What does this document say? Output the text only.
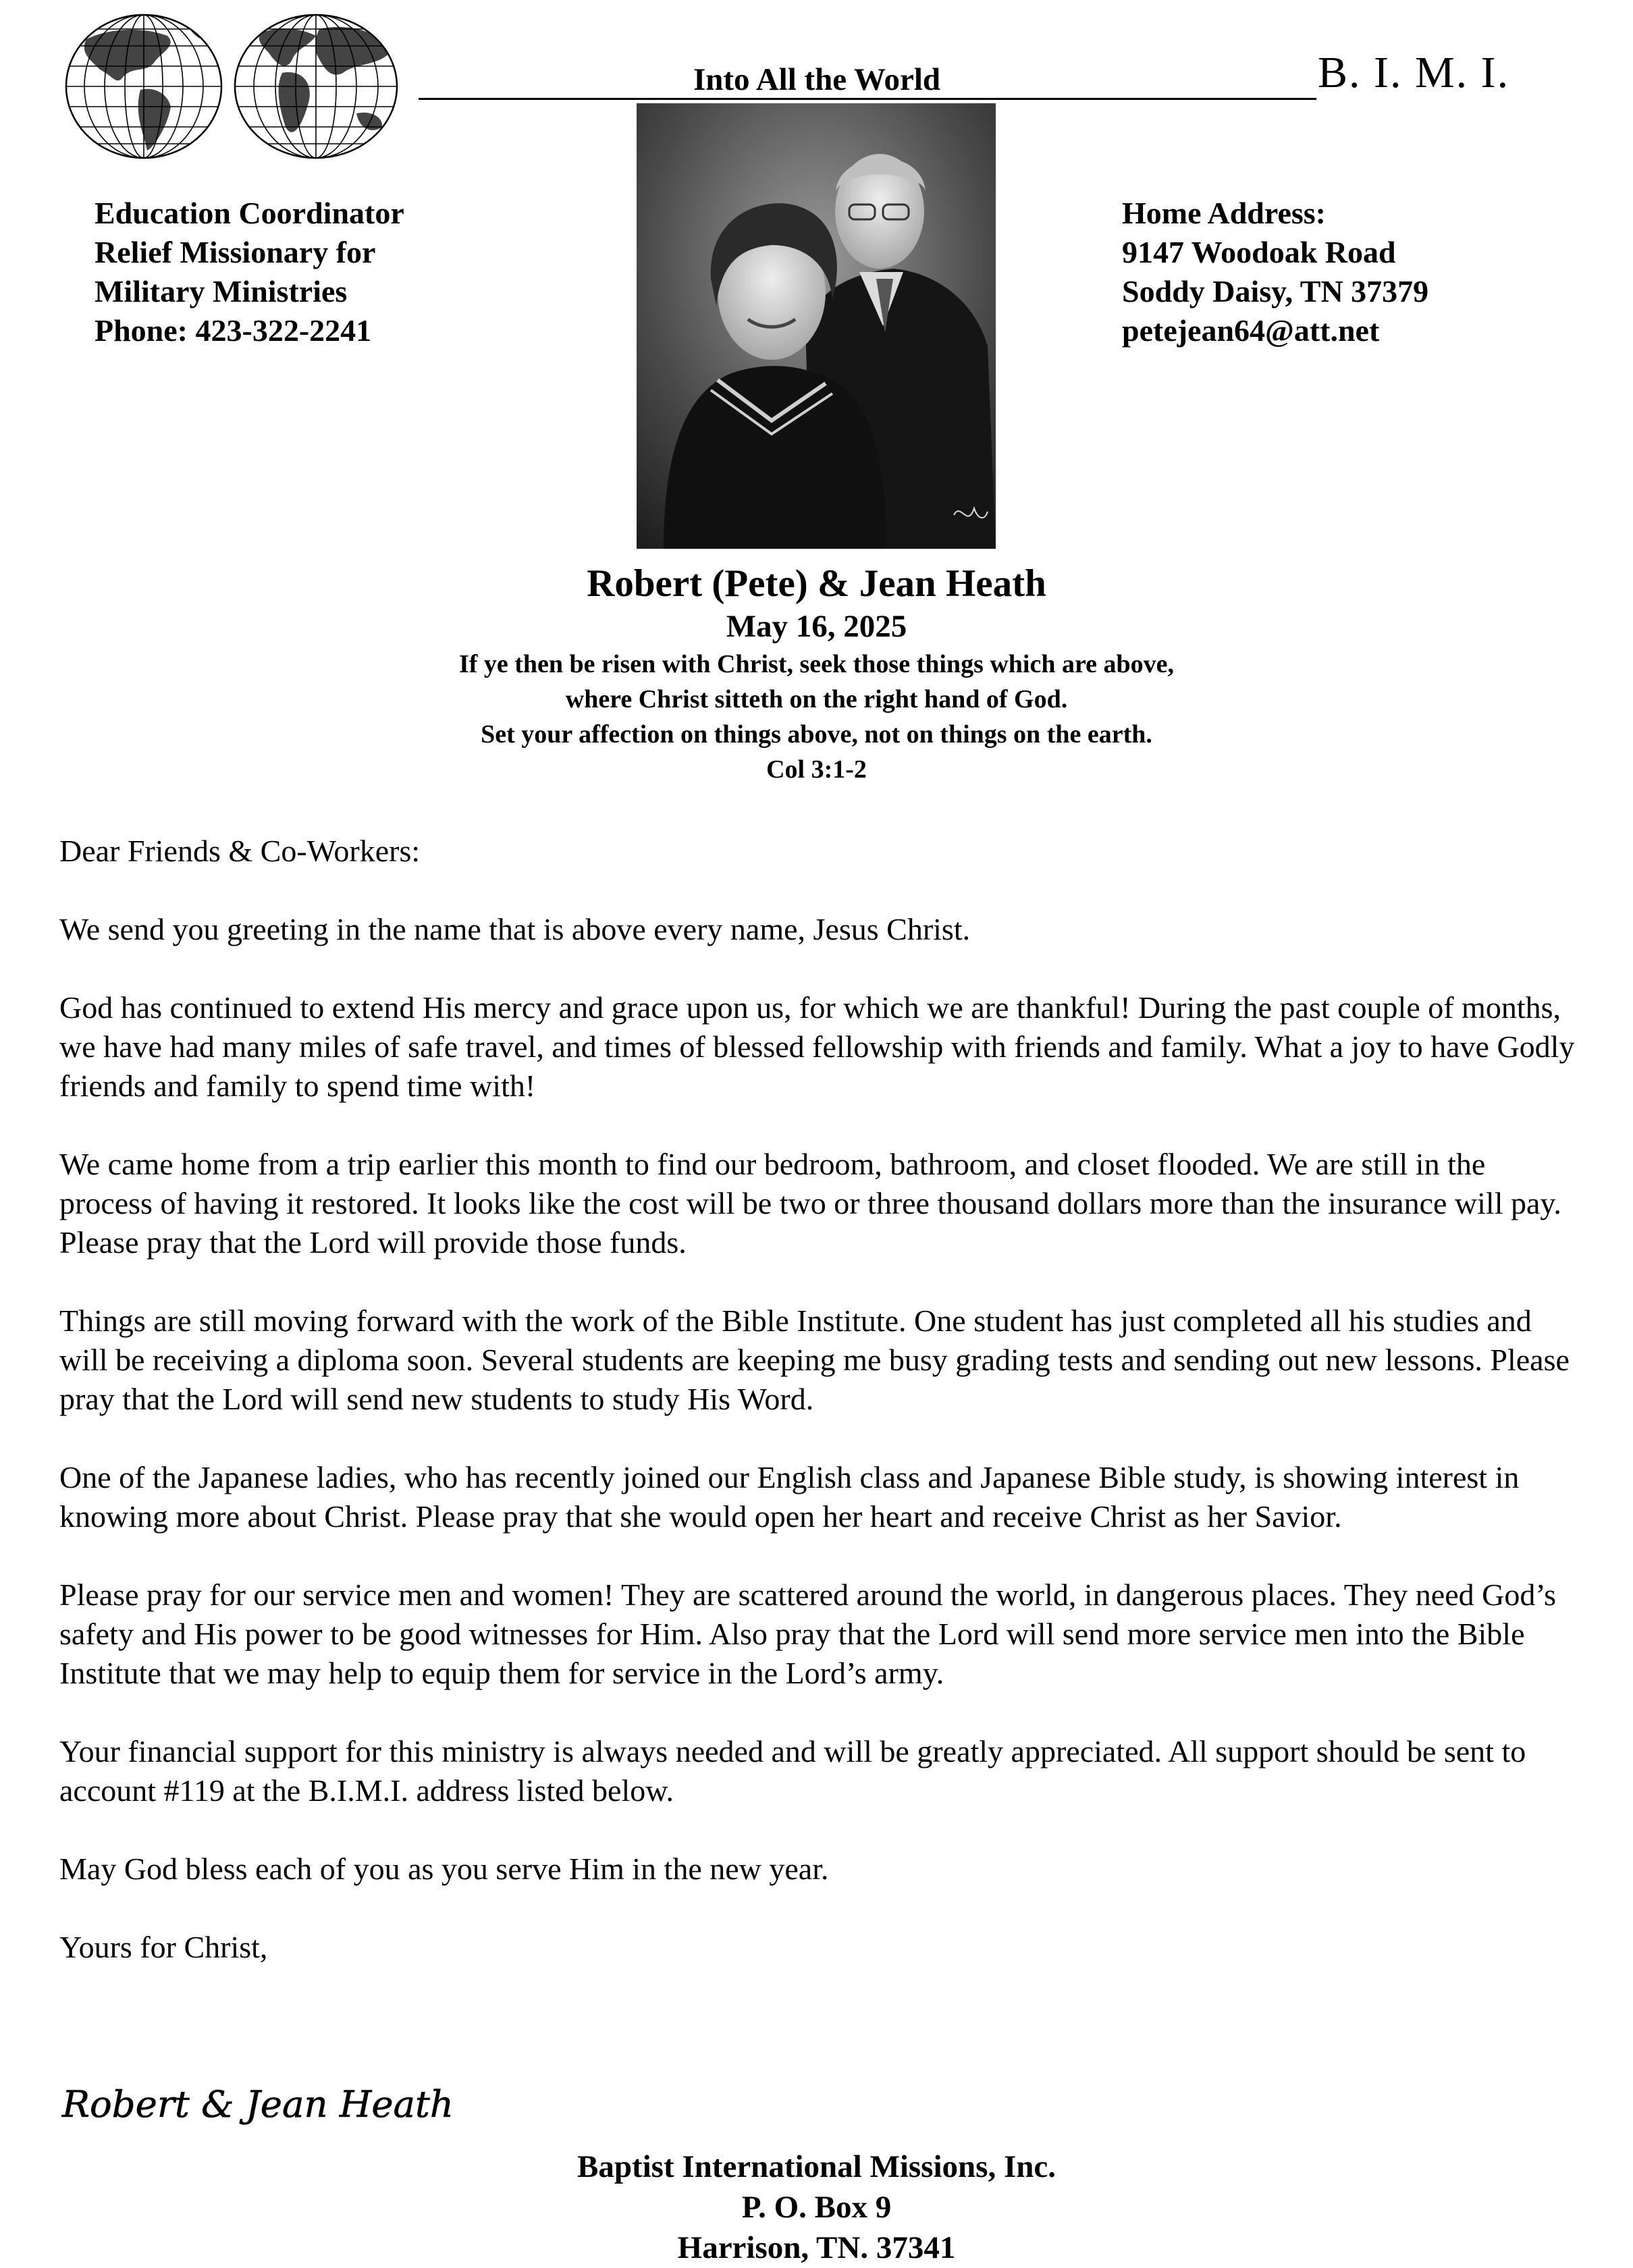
Into All the World	B. I. M. I.
Education Coordinator
Relief Missionary for
Military Ministries
Phone: 423-322-2241
Home Address:
9147 Woodoak Road
Soddy Daisy, TN 37379
petejean64@att.net
Robert (Pete) & Jean Heath
May 16, 2025
If ye then be risen with Christ, seek those things which are above,
where Christ sitteth on the right hand of God.
Set your affection on things above, not on things on the earth.
Col 3:1-2

Dear Friends & Co-Workers:

We send you greeting in the name that is above every name, Jesus Christ.

God has continued to extend His mercy and grace upon us, for which we are thankful! During the past couple of months, we have had many miles of safe travel, and times of blessed fellowship with friends and family. What a joy to have Godly friends and family to spend time with!

We came home from a trip earlier this month to find our bedroom, bathroom, and closet flooded. We are still in the process of having it restored. It looks like the cost will be two or three thousand dollars more than the insurance will pay. Please pray that the Lord will provide those funds.

Things are still moving forward with the work of the Bible Institute. One student has just completed all his studies and will be receiving a diploma soon. Several students are keeping me busy grading tests and sending out new lessons. Please pray that the Lord will send new students to study His Word.

One of the Japanese ladies, who has recently joined our English class and Japanese Bible study, is showing interest in knowing more about Christ. Please pray that she would open her heart and receive Christ as her Savior.

Please pray for our service men and women! They are scattered around the world, in dangerous places. They need God’s safety and His power to be good witnesses for Him. Also pray that the Lord will send more service men into the Bible Institute that we may help to equip them for service in the Lord’s army.

Your financial support for this ministry is always needed and will be greatly appreciated. All support should be sent to account #119 at the B.I.M.I. address listed below.

May God bless each of you as you serve Him in the new year.

Yours for Christ,

Robert & Jean Heath
Baptist International Missions, Inc.
P. O. Box 9
Harrison, TN. 37341
